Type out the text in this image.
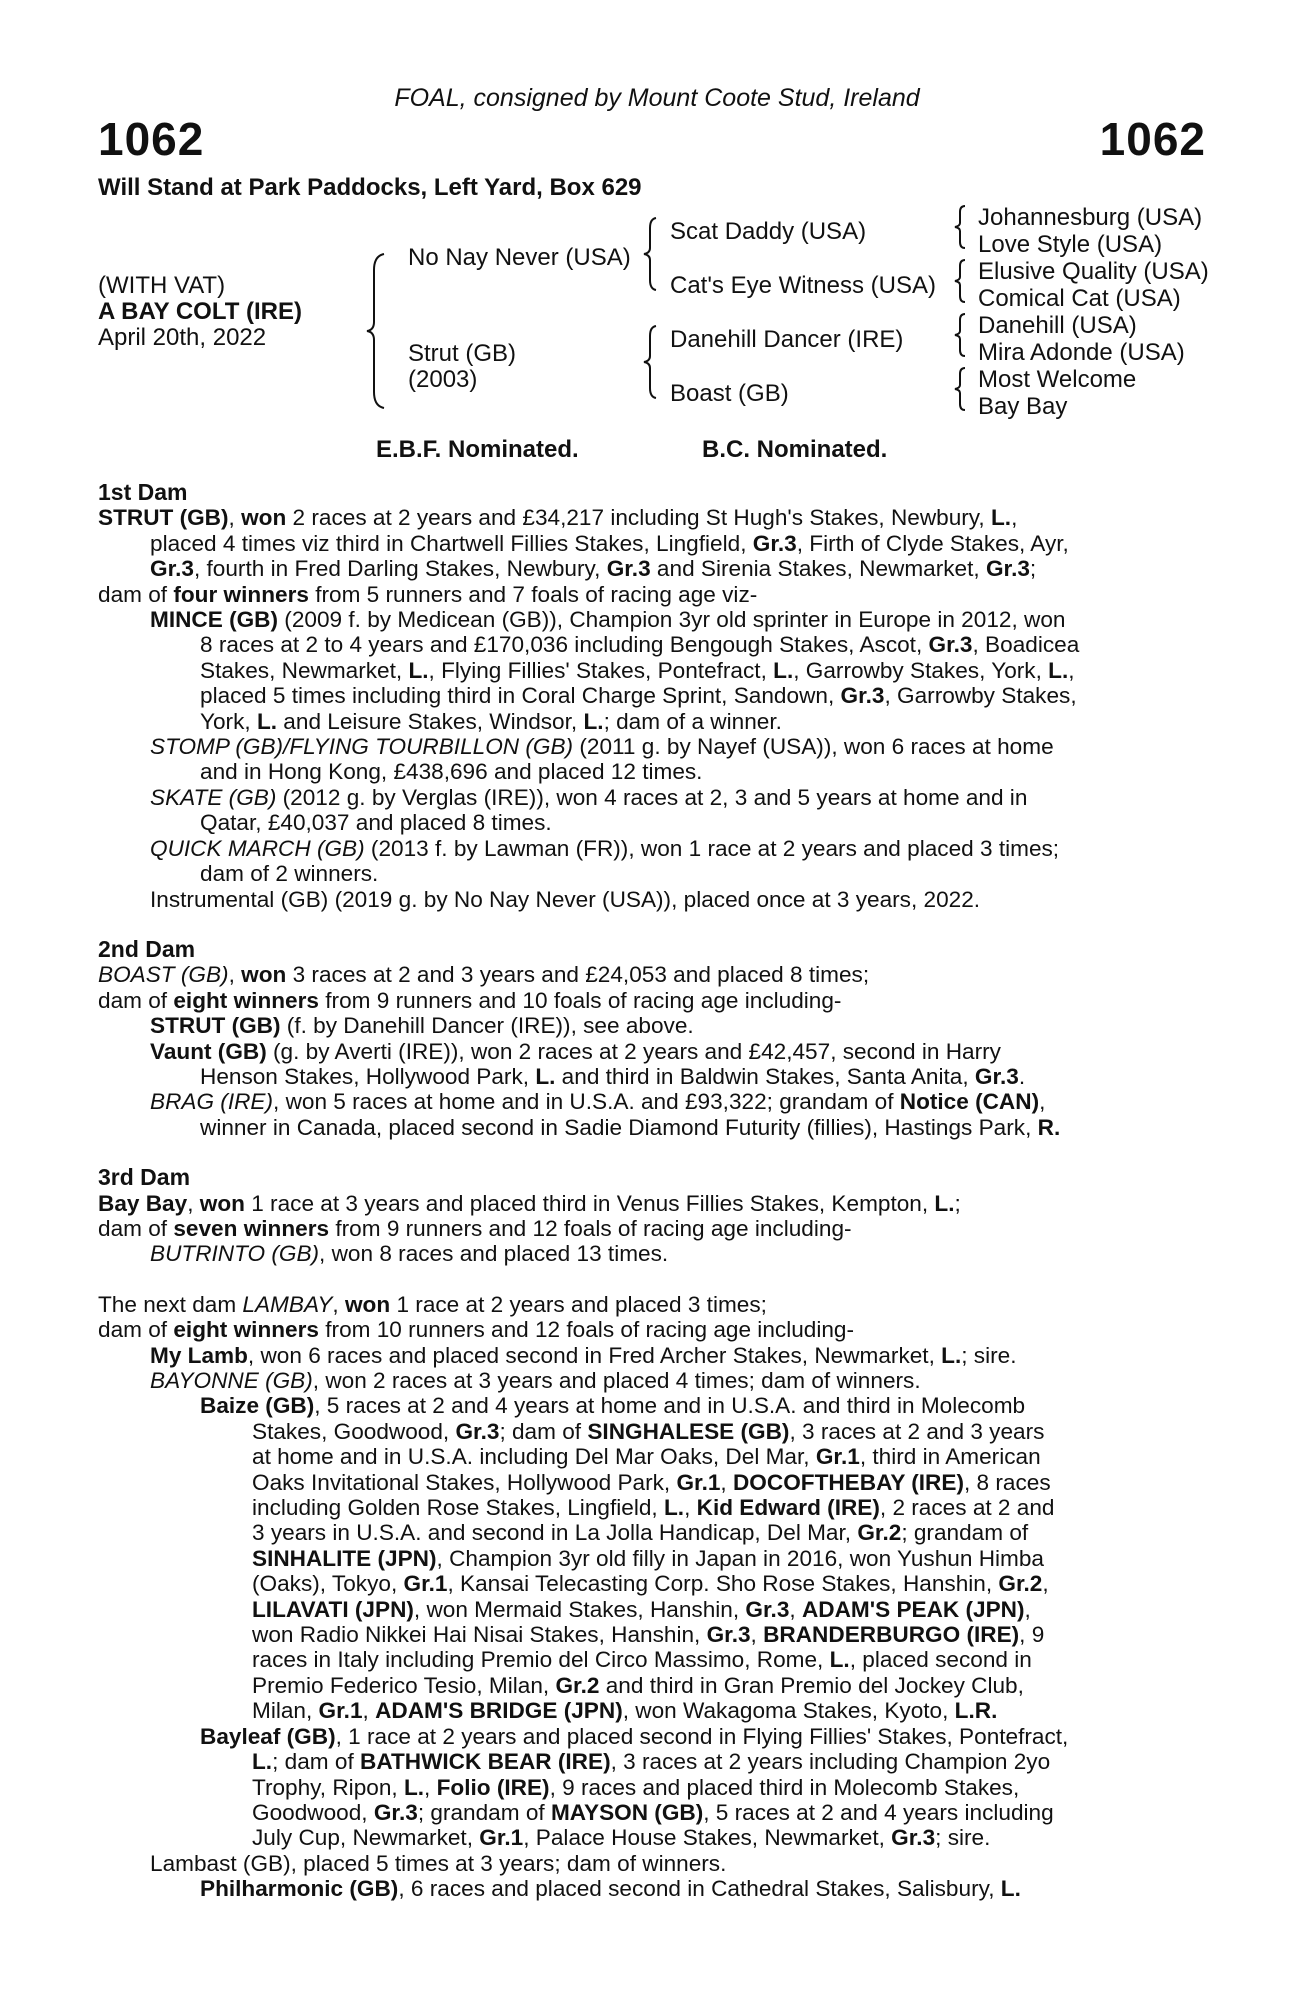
FOAL, consigned by Mount Coote Stud, Ireland
1062	1062
Will Stand at Park Paddocks, Left Yard, Box 629
(WITH VAT)
A BAY COLT (IRE)
April 20th, 2022
No Nay Never (USA)
Strut (GB)
(2003)
Scat Daddy (USA)
Cat's Eye Witness (USA)
Danehill Dancer (IRE)
Boast (GB)
Johannesburg (USA)
Love Style (USA)
Elusive Quality (USA)
Comical Cat (USA)
Danehill (USA)
Mira Adonde (USA)
Most Welcome
Bay Bay
E.B.F. Nominated.	B.C. Nominated.
1st Dam
STRUT (GB), won 2 races at 2 years and £34,217 including St Hugh's Stakes, Newbury, L.,
placed 4 times viz third in Chartwell Fillies Stakes, Lingfield, Gr.3, Firth of Clyde Stakes, Ayr,
Gr.3, fourth in Fred Darling Stakes, Newbury, Gr.3 and Sirenia Stakes, Newmarket, Gr.3;
dam of four winners from 5 runners and 7 foals of racing age viz-
MINCE (GB) (2009 f. by Medicean (GB)), Champion 3yr old sprinter in Europe in 2012, won
8 races at 2 to 4 years and £170,036 including Bengough Stakes, Ascot, Gr.3, Boadicea
Stakes, Newmarket, L., Flying Fillies' Stakes, Pontefract, L., Garrowby Stakes, York, L.,
placed 5 times including third in Coral Charge Sprint, Sandown, Gr.3, Garrowby Stakes,
York, L. and Leisure Stakes, Windsor, L.; dam of a winner.
STOMP (GB)/FLYING TOURBILLON (GB) (2011 g. by Nayef (USA)), won 6 races at home
and in Hong Kong, £438,696 and placed 12 times.
SKATE (GB) (2012 g. by Verglas (IRE)), won 4 races at 2, 3 and 5 years at home and in
Qatar, £40,037 and placed 8 times.
QUICK MARCH (GB) (2013 f. by Lawman (FR)), won 1 race at 2 years and placed 3 times;
dam of 2 winners.
Instrumental (GB) (2019 g. by No Nay Never (USA)), placed once at 3 years, 2022.
2nd Dam
BOAST (GB), won 3 races at 2 and 3 years and £24,053 and placed 8 times;
dam of eight winners from 9 runners and 10 foals of racing age including-
STRUT (GB) (f. by Danehill Dancer (IRE)), see above.
Vaunt (GB) (g. by Averti (IRE)), won 2 races at 2 years and £42,457, second in Harry
Henson Stakes, Hollywood Park, L. and third in Baldwin Stakes, Santa Anita, Gr.3.
BRAG (IRE), won 5 races at home and in U.S.A. and £93,322; grandam of Notice (CAN),
winner in Canada, placed second in Sadie Diamond Futurity (fillies), Hastings Park, R.
3rd Dam
Bay Bay, won 1 race at 3 years and placed third in Venus Fillies Stakes, Kempton, L.;
dam of seven winners from 9 runners and 12 foals of racing age including-
BUTRINTO (GB), won 8 races and placed 13 times.
The next dam LAMBAY, won 1 race at 2 years and placed 3 times;
dam of eight winners from 10 runners and 12 foals of racing age including-
My Lamb, won 6 races and placed second in Fred Archer Stakes, Newmarket, L.; sire.
BAYONNE (GB), won 2 races at 3 years and placed 4 times; dam of winners.
Baize (GB), 5 races at 2 and 4 years at home and in U.S.A. and third in Molecomb
Stakes, Goodwood, Gr.3; dam of SINGHALESE (GB), 3 races at 2 and 3 years
at home and in U.S.A. including Del Mar Oaks, Del Mar, Gr.1, third in American
Oaks Invitational Stakes, Hollywood Park, Gr.1, DOCOFTHEBAY (IRE), 8 races
including Golden Rose Stakes, Lingfield, L., Kid Edward (IRE), 2 races at 2 and
3 years in U.S.A. and second in La Jolla Handicap, Del Mar, Gr.2; grandam of
SINHALITE (JPN), Champion 3yr old filly in Japan in 2016, won Yushun Himba
(Oaks), Tokyo, Gr.1, Kansai Telecasting Corp. Sho Rose Stakes, Hanshin, Gr.2,
LILAVATI (JPN), won Mermaid Stakes, Hanshin, Gr.3, ADAM'S PEAK (JPN),
won Radio Nikkei Hai Nisai Stakes, Hanshin, Gr.3, BRANDERBURGO (IRE), 9
races in Italy including Premio del Circo Massimo, Rome, L., placed second in
Premio Federico Tesio, Milan, Gr.2 and third in Gran Premio del Jockey Club,
Milan, Gr.1, ADAM'S BRIDGE (JPN), won Wakagoma Stakes, Kyoto, L.R.
Bayleaf (GB), 1 race at 2 years and placed second in Flying Fillies' Stakes, Pontefract,
L.; dam of BATHWICK BEAR (IRE), 3 races at 2 years including Champion 2yo
Trophy, Ripon, L., Folio (IRE), 9 races and placed third in Molecomb Stakes,
Goodwood, Gr.3; grandam of MAYSON (GB), 5 races at 2 and 4 years including
July Cup, Newmarket, Gr.1, Palace House Stakes, Newmarket, Gr.3; sire.
Lambast (GB), placed 5 times at 3 years; dam of winners.
Philharmonic (GB), 6 races and placed second in Cathedral Stakes, Salisbury, L.
